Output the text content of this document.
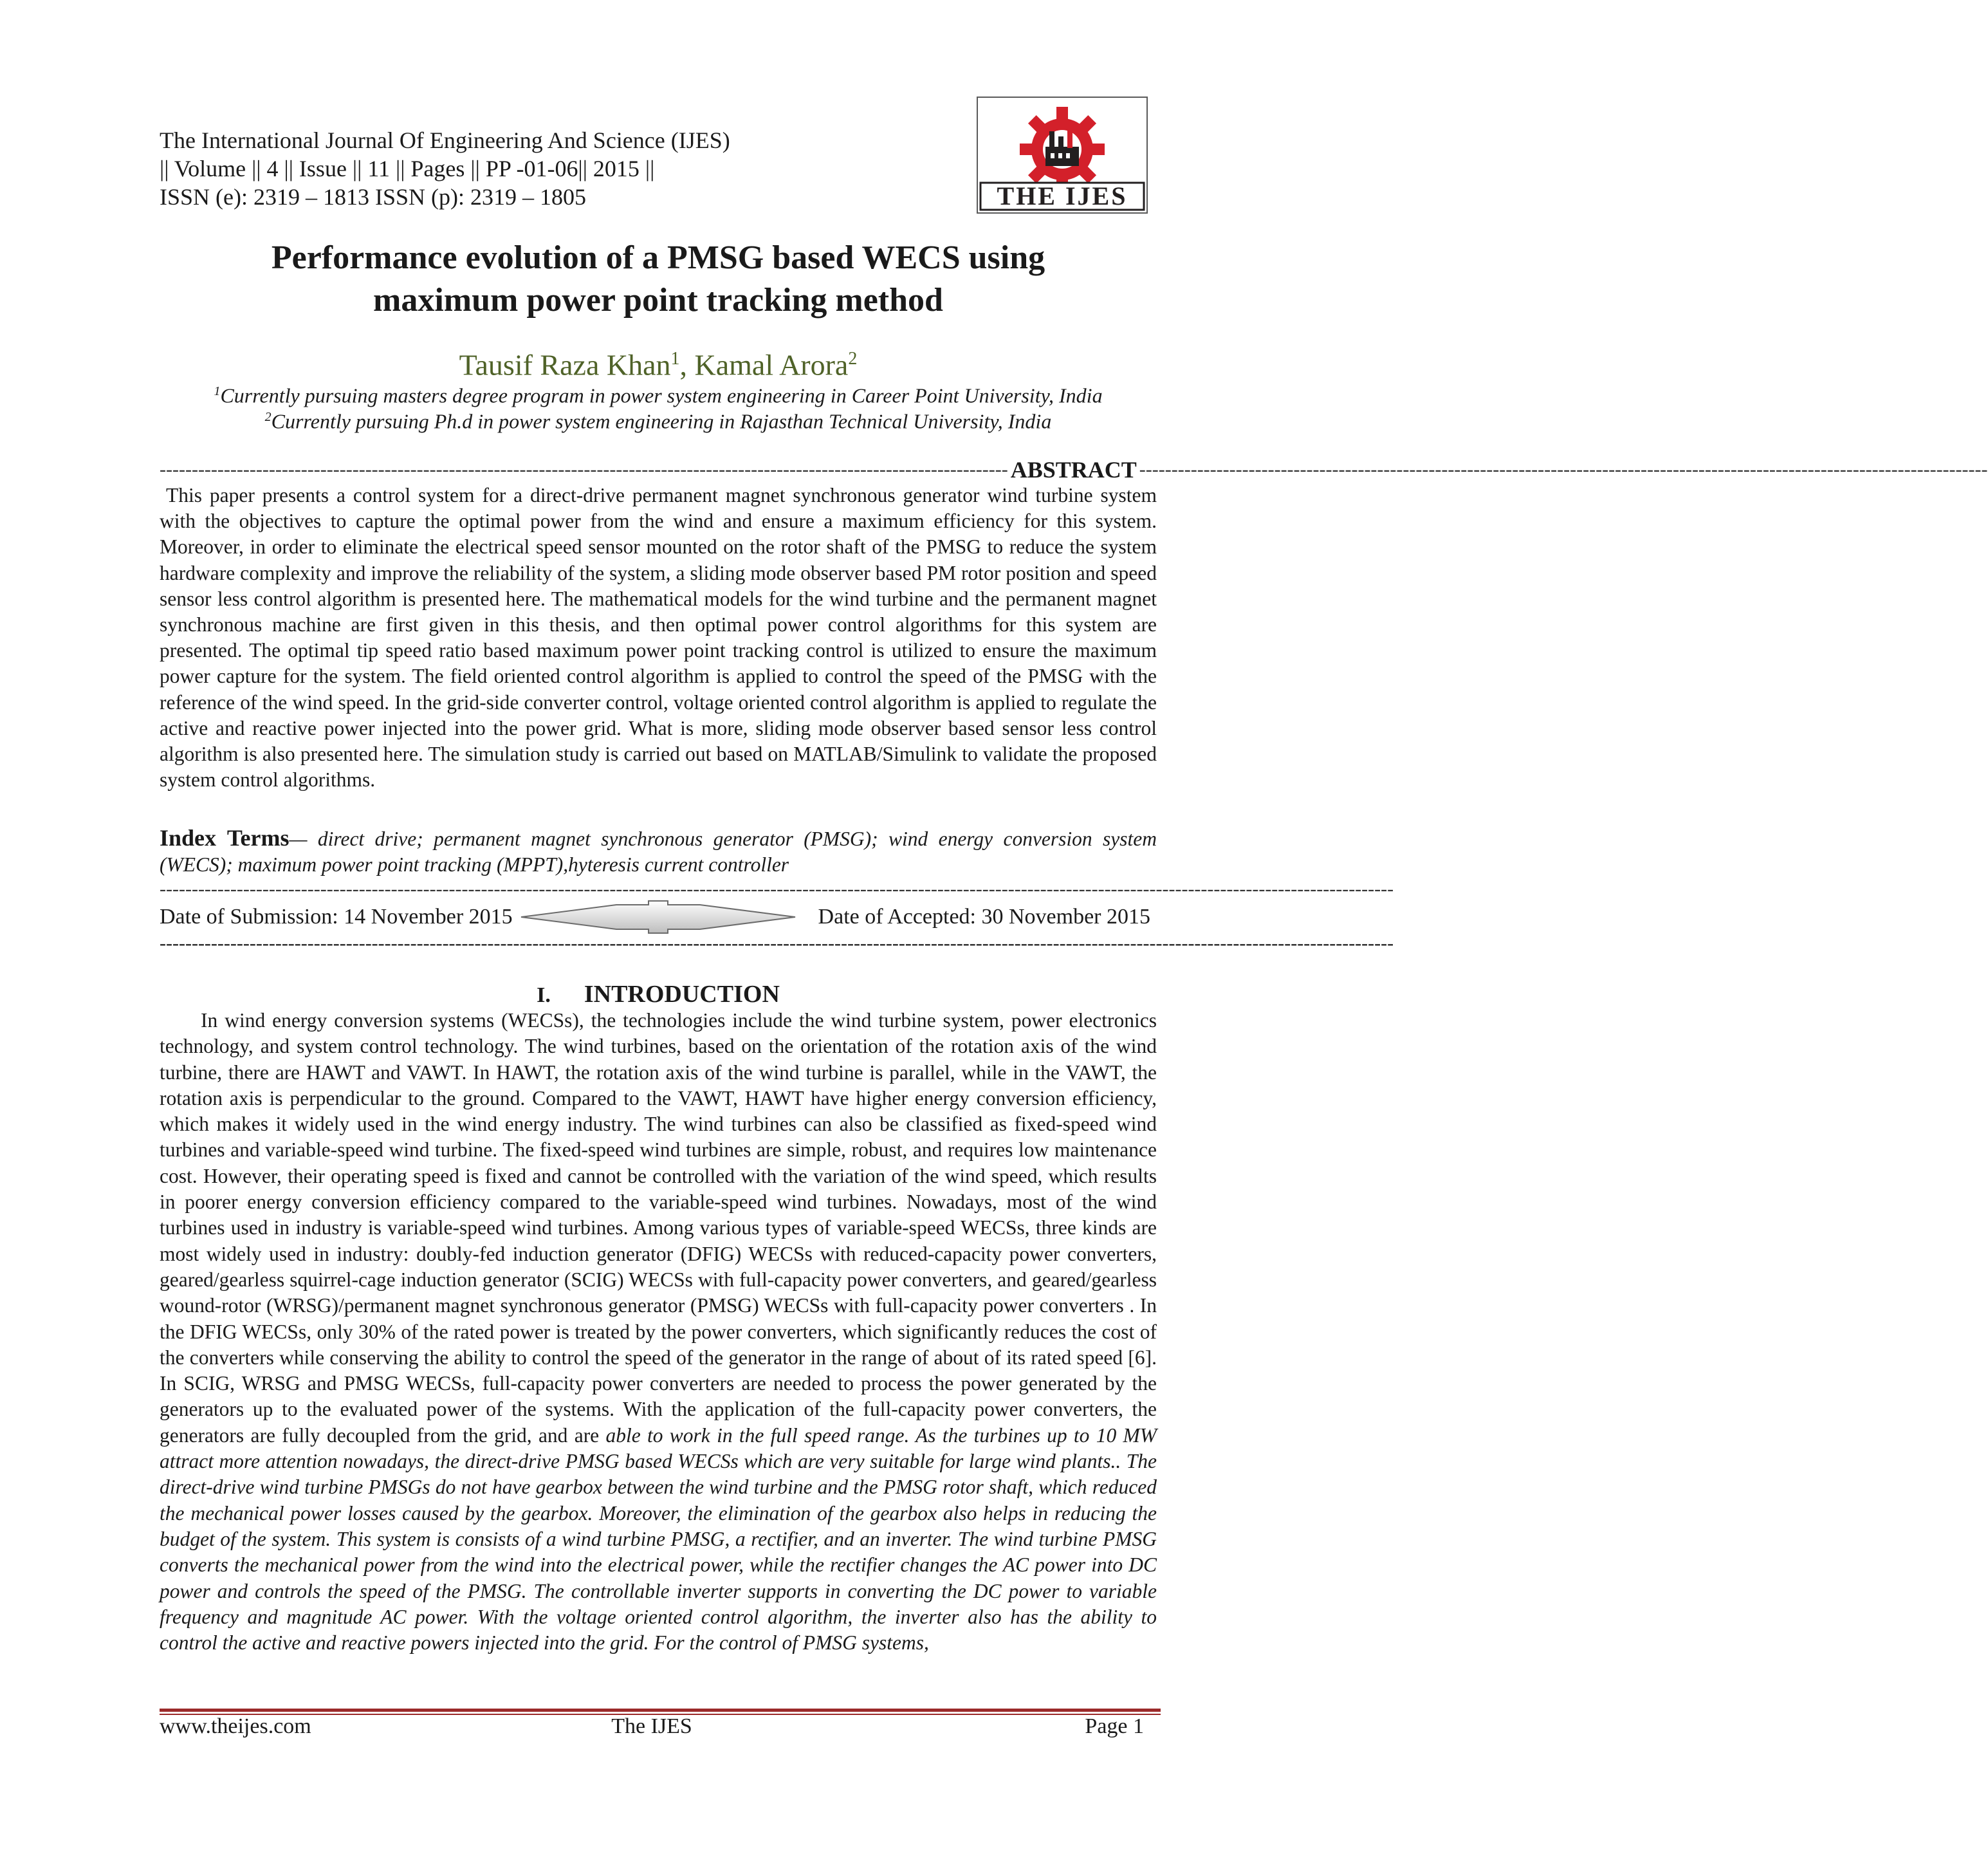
The International Journal Of Engineering And Science (IJES)
|| Volume || 4 || Issue || 11 || Pages || PP -01-06|| 2015 ||
ISSN (e): 2319 – 1813 ISSN (p): 2319 – 1805	THE IJES
Performance evolution of a PMSG based WECS using
maximum power point tracking method
Tausif Raza Khan$^1$, Kamal Arora$^2$
$^1$Currently pursuing masters degree program in power system engineering in Career Point University, India
$^2$Currently pursuing Ph.d in power system engineering in Rajasthan Technical University, India
------------------------------------------------------------------------------------------------------------------------------------ ABSTRACT ------------------------------------------------------------------------------------------------------------------------------------
This paper presents a control system for a direct-drive permanent magnet synchronous generator wind turbine system with the objectives to capture the optimal power from the wind and ensure a maximum efficiency for this system. Moreover, in order to eliminate the electrical speed sensor mounted on the rotor shaft of the PMSG to reduce the system hardware complexity and improve the reliability of the system, a sliding mode observer based PM rotor position and speed sensor less control algorithm is presented here. The mathematical models for the wind turbine and the permanent magnet synchronous machine are first given in this thesis, and then optimal power control algorithms for this system are presented. The optimal tip speed ratio based maximum power point tracking control is utilized to ensure the maximum power capture for the system. The field oriented control algorithm is applied to control the speed of the PMSG with the reference of the wind speed. In the grid-side converter control, voltage oriented control algorithm is applied to regulate the active and reactive power injected into the power grid. What is more, sliding mode observer based sensor less control algorithm is also presented here. The simulation study is carried out based on MATLAB/Simulink to validate the proposed system control algorithms.
Index Terms— direct drive; permanent magnet synchronous generator (PMSG); wind energy conversion system (WECS); maximum power point tracking (MPPT),hyteresis current controller
------------------------------------------------------------------------------------------------------------------------------------------------------------------------------------------------
Date of Submission: 14 November 2015	Date of Accepted: 30 November 2015
------------------------------------------------------------------------------------------------------------------------------------------------------------------------------------------------
I. INTRODUCTION

In wind energy conversion systems (WECSs), the technologies include the wind turbine system, power electronics technology, and system control technology. The wind turbines, based on the orientation of the rotation axis of the wind turbine, there are HAWT and VAWT. In HAWT, the rotation axis of the wind turbine is parallel, while in the VAWT, the rotation axis is perpendicular to the ground. Compared to the VAWT, HAWT have higher energy conversion efficiency, which makes it widely used in the wind energy industry. The wind turbines can also be classified as fixed-speed wind turbines and variable-speed wind turbine. The fixed-speed wind turbines are simple, robust, and requires low maintenance cost. However, their operating speed is fixed and cannot be controlled with the variation of the wind speed, which results in poorer energy conversion efficiency compared to the variable-speed wind turbines. Nowadays, most of the wind turbines used in industry is variable-speed wind turbines. Among various types of variable-speed WECSs, three kinds are most widely used in industry: doubly-fed induction generator (DFIG) WECSs with reduced-capacity power converters, geared/gearless squirrel-cage induction generator (SCIG) WECSs with full-capacity power converters, and geared/gearless wound-rotor (WRSG)/permanent magnet synchronous generator (PMSG) WECSs with full-capacity power converters . In the DFIG WECSs, only 30% of the rated power is treated by the power converters, which significantly reduces the cost of the converters while conserving the ability to control the speed of the generator in the range of about of its rated speed [6]. In SCIG, WRSG and PMSG WECSs, full-capacity power converters are needed to process the power generated by the generators up to the evaluated power of the systems. With the application of the full-capacity power converters, the generators are fully decoupled from the grid, and are able to work in the full speed range. As the turbines up to 10 MW attract more attention nowadays, the direct-drive PMSG based WECSs which are very suitable for large wind plants.. The direct-drive wind turbine PMSGs do not have gearbox between the wind turbine and the PMSG rotor shaft, which reduced the mechanical power losses caused by the gearbox. Moreover, the elimination of the gearbox also helps in reducing the budget of the system. This system is consists of a wind turbine PMSG, a rectifier, and an inverter. The wind turbine PMSG converts the mechanical power from the wind into the electrical power, while the rectifier changes the AC power into DC power and controls the speed of the PMSG. The controllable inverter supports in converting the DC power to variable frequency and magnitude AC power. With the voltage oriented control algorithm, the inverter also has the ability to control the active and reactive powers injected into the grid. For the control of PMSG systems,

www.theijes.com	The IJES	Page 1
